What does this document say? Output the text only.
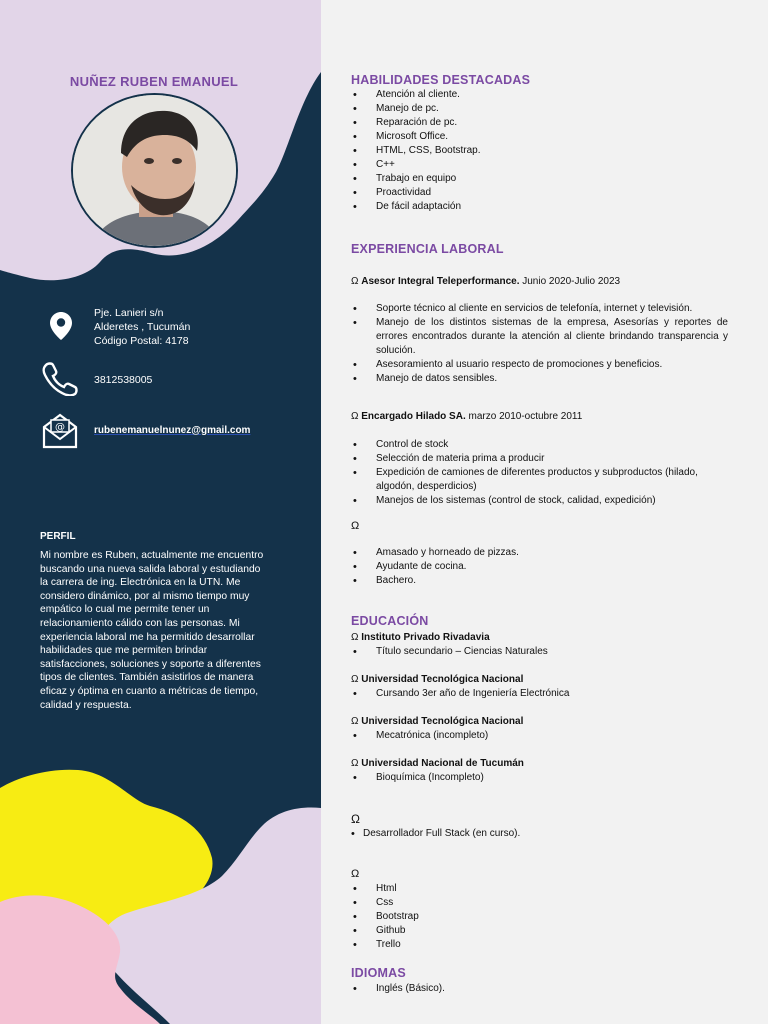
NUÑEZ RUBEN EMANUEL
Pje. Lanieri s/n
Alderetes , Tucumán
Código Postal: 4178
3812538005
@	rubenemanuelnunez@gmail.com
PERFIL
Mi nombre es Ruben, actualmente me encuentro buscando una nueva salida laboral y estudiando la carrera de ing. Electrónica en la UTN. Me considero dinámico, por al mismo tiempo muy empático lo cual me permite tener un relacionamiento cálido con las personas. Mi experiencia laboral me ha permitido desarrollar habilidades que me permiten brindar satisfacciones, soluciones y soporte a diferentes tipos de clientes. También asistirlos de manera eficaz y óptima en cuanto a métricas de tiempo, calidad y respuesta.
HABILIDADES DESTACADAS
• Atención al cliente.
• Manejo de pc.
• Reparación de pc.
• Microsoft Office.
• HTML, CSS, Bootstrap.
• C++
• Trabajo en equipo
• Proactividad
• De fácil adaptación
EXPERIENCIA LABORAL
Ω Asesor Integral Teleperformance. Junio 2020-Julio 2023
• Soporte técnico al cliente en servicios de telefonía, internet y televisión.
• Manejo de los distintos sistemas de la empresa, Asesorías y reportes de errores encontrados durante la atención al cliente brindando transparencia y solución.
• Asesoramiento al usuario respecto de promociones y beneficios.
• Manejo de datos sensibles.
Ω Encargado Hilado SA. marzo 2010-octubre 2011
• Control de stock
• Selección de materia prima a producir
• Expedición de camiones de diferentes productos y subproductos (hilado, algodón, desperdicios)
• Manejos de los sistemas (control de stock, calidad, expedición)
Ω
• Amasado y horneado de pizzas.
• Ayudante de cocina.
• Bachero.
EDUCACIÓN
Ω Instituto Privado Rivadavia
• Título secundario – Ciencias Naturales
Ω Universidad Tecnológica Nacional
• Cursando 3er año de Ingeniería Electrónica
Ω Universidad Tecnológica Nacional
• Mecatrónica (incompleto)
Ω Universidad Nacional de Tucumán
• Bioquímica (Incompleto)
Ω
• Desarrollador Full Stack (en curso).
Ω
• Html
• Css
• Bootstrap
• Github
• Trello
IDIOMAS
• Inglés (Básico).
